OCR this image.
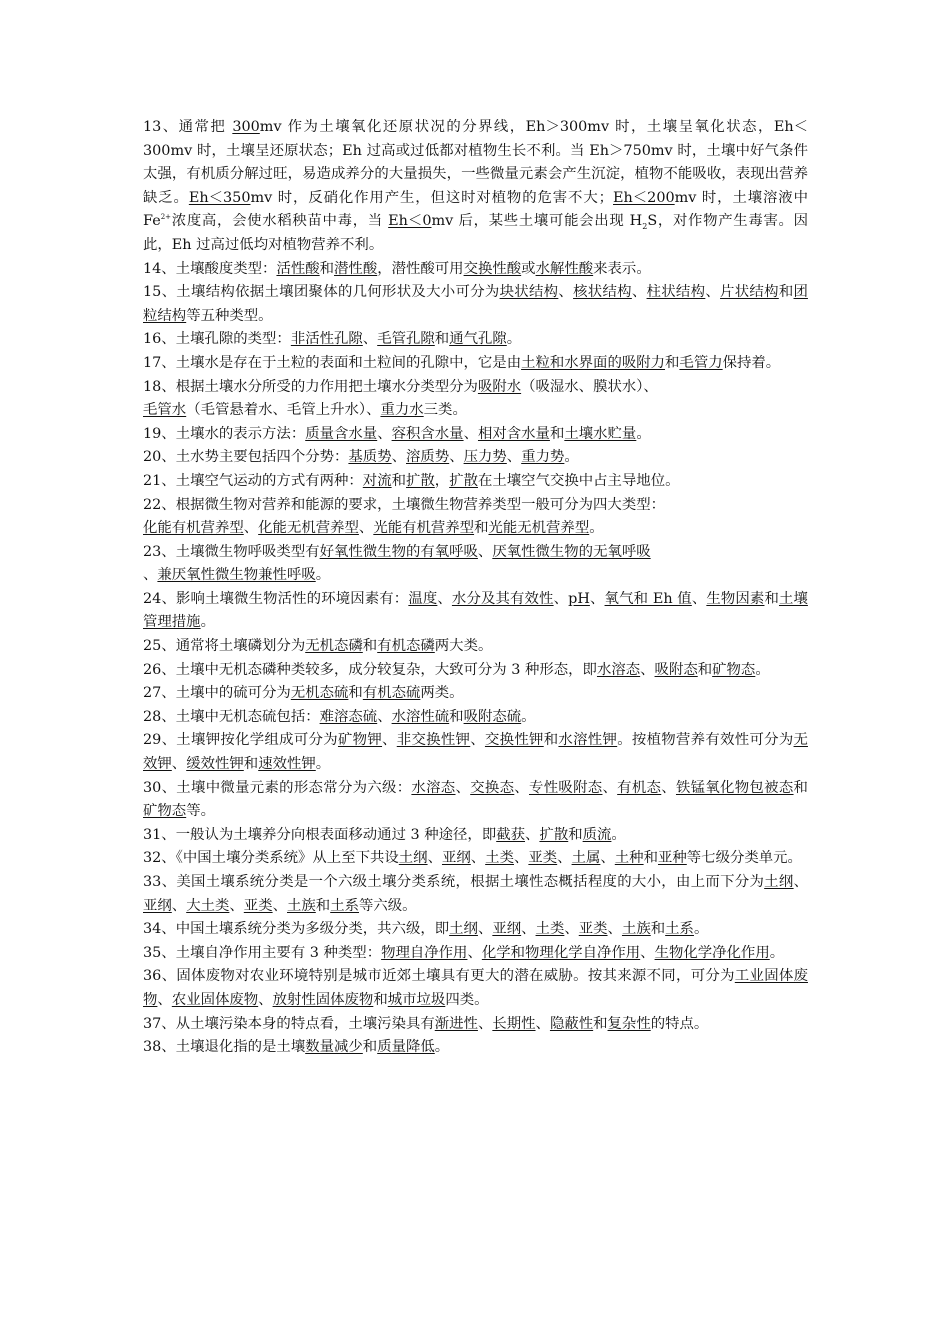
13、通常把 300mv 作为土壤氧化还原状况的分界线，Eh＞300mv 时，土壤呈氧化状态，Eh＜300mv 时，土壤呈还原状态；Eh 过高或过低都对植物生长不利。当 Eh＞750mv 时，土壤中好气条件太强，有机质分解过旺，易造成养分的大量损失，一些微量元素会产生沉淀，植物不能吸收，表现出营养缺乏。Eh＜350mv 时，反硝化作用产生，但这时对植物的危害不大；Eh＜200mv 时，土壤溶液中 $Fe^{2+}$浓度高，会使水稻秧苗中毒，当 Eh＜0mv 后，某些土壤可能会出现 $H_2S$，对作物产生毒害。因此，Eh 过高过低均对植物营养不利。

14、土壤酸度类型：活性酸和潜性酸，潜性酸可用交换性酸或水解性酸来表示。

15、土壤结构依据土壤团聚体的几何形状及大小可分为块状结构、核状结构、柱状结构、片状结构和团粒结构等五种类型。

16、土壤孔隙的类型：非活性孔隙、毛管孔隙和通气孔隙。

17、土壤水是存在于土粒的表面和土粒间的孔隙中，它是由土粒和水界面的吸附力和毛管力保持着。

18、根据土壤水分所受的力作用把土壤水分类型分为吸附水（吸湿水、膜状水）、
毛管水（毛管悬着水、毛管上升水）、重力水三类。

19、土壤水的表示方法：质量含水量、容积含水量、相对含水量和土壤水贮量。

20、土水势主要包括四个分势：基质势、溶质势、压力势、重力势。

21、土壤空气运动的方式有两种：对流和扩散，扩散在土壤空气交换中占主导地位。

22、根据微生物对营养和能源的要求，土壤微生物营养类型一般可分为四大类型：
化能有机营养型、化能无机营养型、光能有机营养型和光能无机营养型。

23、土壤微生物呼吸类型有好氧性微生物的有氧呼吸、厌氧性微生物的无氧呼吸
、兼厌氧性微生物兼性呼吸。

24、影响土壤微生物活性的环境因素有：温度、水分及其有效性、pH、氧气和 Eh 值、生物因素和土壤管理措施。

25、通常将土壤磷划分为无机态磷和有机态磷两大类。

26、土壤中无机态磷种类较多，成分较复杂，大致可分为 3 种形态，即水溶态、吸附态和矿物态。

27、土壤中的硫可分为无机态硫和有机态硫两类。

28、土壤中无机态硫包括：难溶态硫、水溶性硫和吸附态硫。

29、土壤钾按化学组成可分为矿物钾、非交换性钾、交换性钾和水溶性钾。按植物营养有效性可分为无效钾、缓效性钾和速效性钾。

30、土壤中微量元素的形态常分为六级：水溶态、交换态、专性吸附态、有机态、铁锰氧化物包被态和矿物态等。

31、一般认为土壤养分向根表面移动通过 3 种途径，即截获、扩散和质流。

32、《中国土壤分类系统》从上至下共设土纲、亚纲、土类、亚类、土属、土种和亚种等七级分类单元。

33、美国土壤系统分类是一个六级土壤分类系统，根据土壤性态概括程度的大小，由上而下分为土纲、亚纲、大土类、亚类、土族和土系等六级。

34、中国土壤系统分类为多级分类，共六级，即土纲、亚纲、土类、亚类、土族和土系。

35、土壤自净作用主要有 3 种类型：物理自净作用、化学和物理化学自净作用、生物化学净化作用。

36、固体废物对农业环境特别是城市近郊土壤具有更大的潜在威胁。按其来源不同，可分为工业固体废物、农业固体废物、放射性固体废物和城市垃圾四类。

37、从土壤污染本身的特点看，土壤污染具有渐进性、长期性、隐蔽性和复杂性的特点。

38、土壤退化指的是土壤数量减少和质量降低。
